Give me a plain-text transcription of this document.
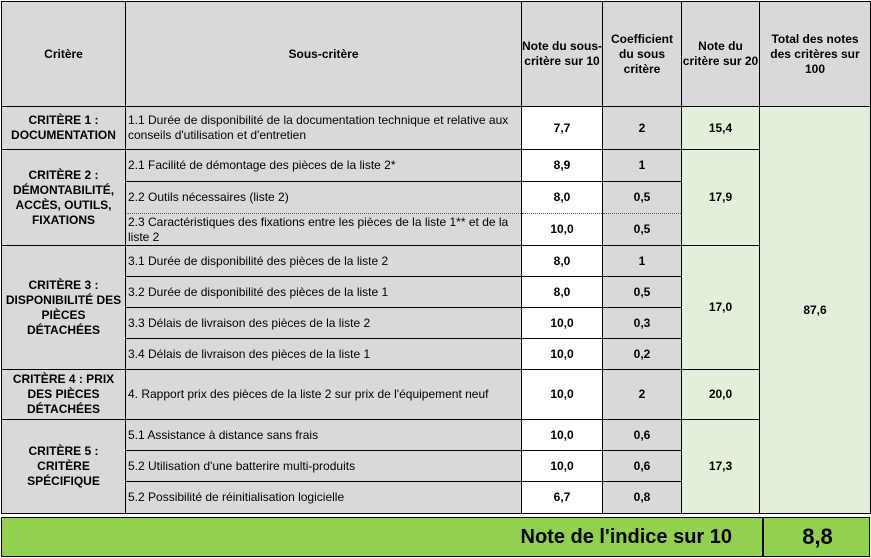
Critère	Sous-critère	Note du sous-critère sur 10	Coefficient du sous critère	Note du critère sur 20	Total des notes des critères sur 100
CRITÈRE 1 : DOCUMENTATION	1.1 Durée de disponibilité de la documentation technique et relative aux conseils d'utilisation et d'entretien	7,7	2	15,4	87,6
CRITÈRE 2 : DÉMONTABILITÉ, ACCÈS, OUTILS, FIXATIONS	2.1 Facilité de démontage des pièces de la liste 2*	8,9	1	17,9	
	2.2 Outils nécessaires (liste 2)	8,0	0,5		
	2.3 Caractéristiques des fixations entre les pièces de la liste 1** et de la liste 2	10,0	0,5		
CRITÈRE 3 : DISPONIBILITÉ DES PIÈCES DÉTACHÉES	3.1 Durée de disponibilité des pièces de la liste 2	8,0	1	17,0	
	3.2 Durée de disponibilité des pièces de la liste 1	8,0	0,5		
	3.3 Délais de livraison des pièces de la liste 2	10,0	0,3		
	3.4 Délais de livraison des pièces de la liste 1	10,0	0,2		
CRITÈRE 4 : PRIX DES PIÈCES DÉTACHÉES	4. Rapport prix des pièces de la liste 2 sur prix de l'équipement neuf	10,0	2	20,0	
CRITÈRE 5 : CRITÈRE SPÉCIFIQUE	5.1 Assistance à distance sans frais	10,0	0,6	17,3	
	5.2 Utilisation d'une batterire multi-produits	10,0	0,6		
	5.2 Possibilité de réinitialisation logicielle	6,7	0,8		
Note de l'indice sur 10	8,8
